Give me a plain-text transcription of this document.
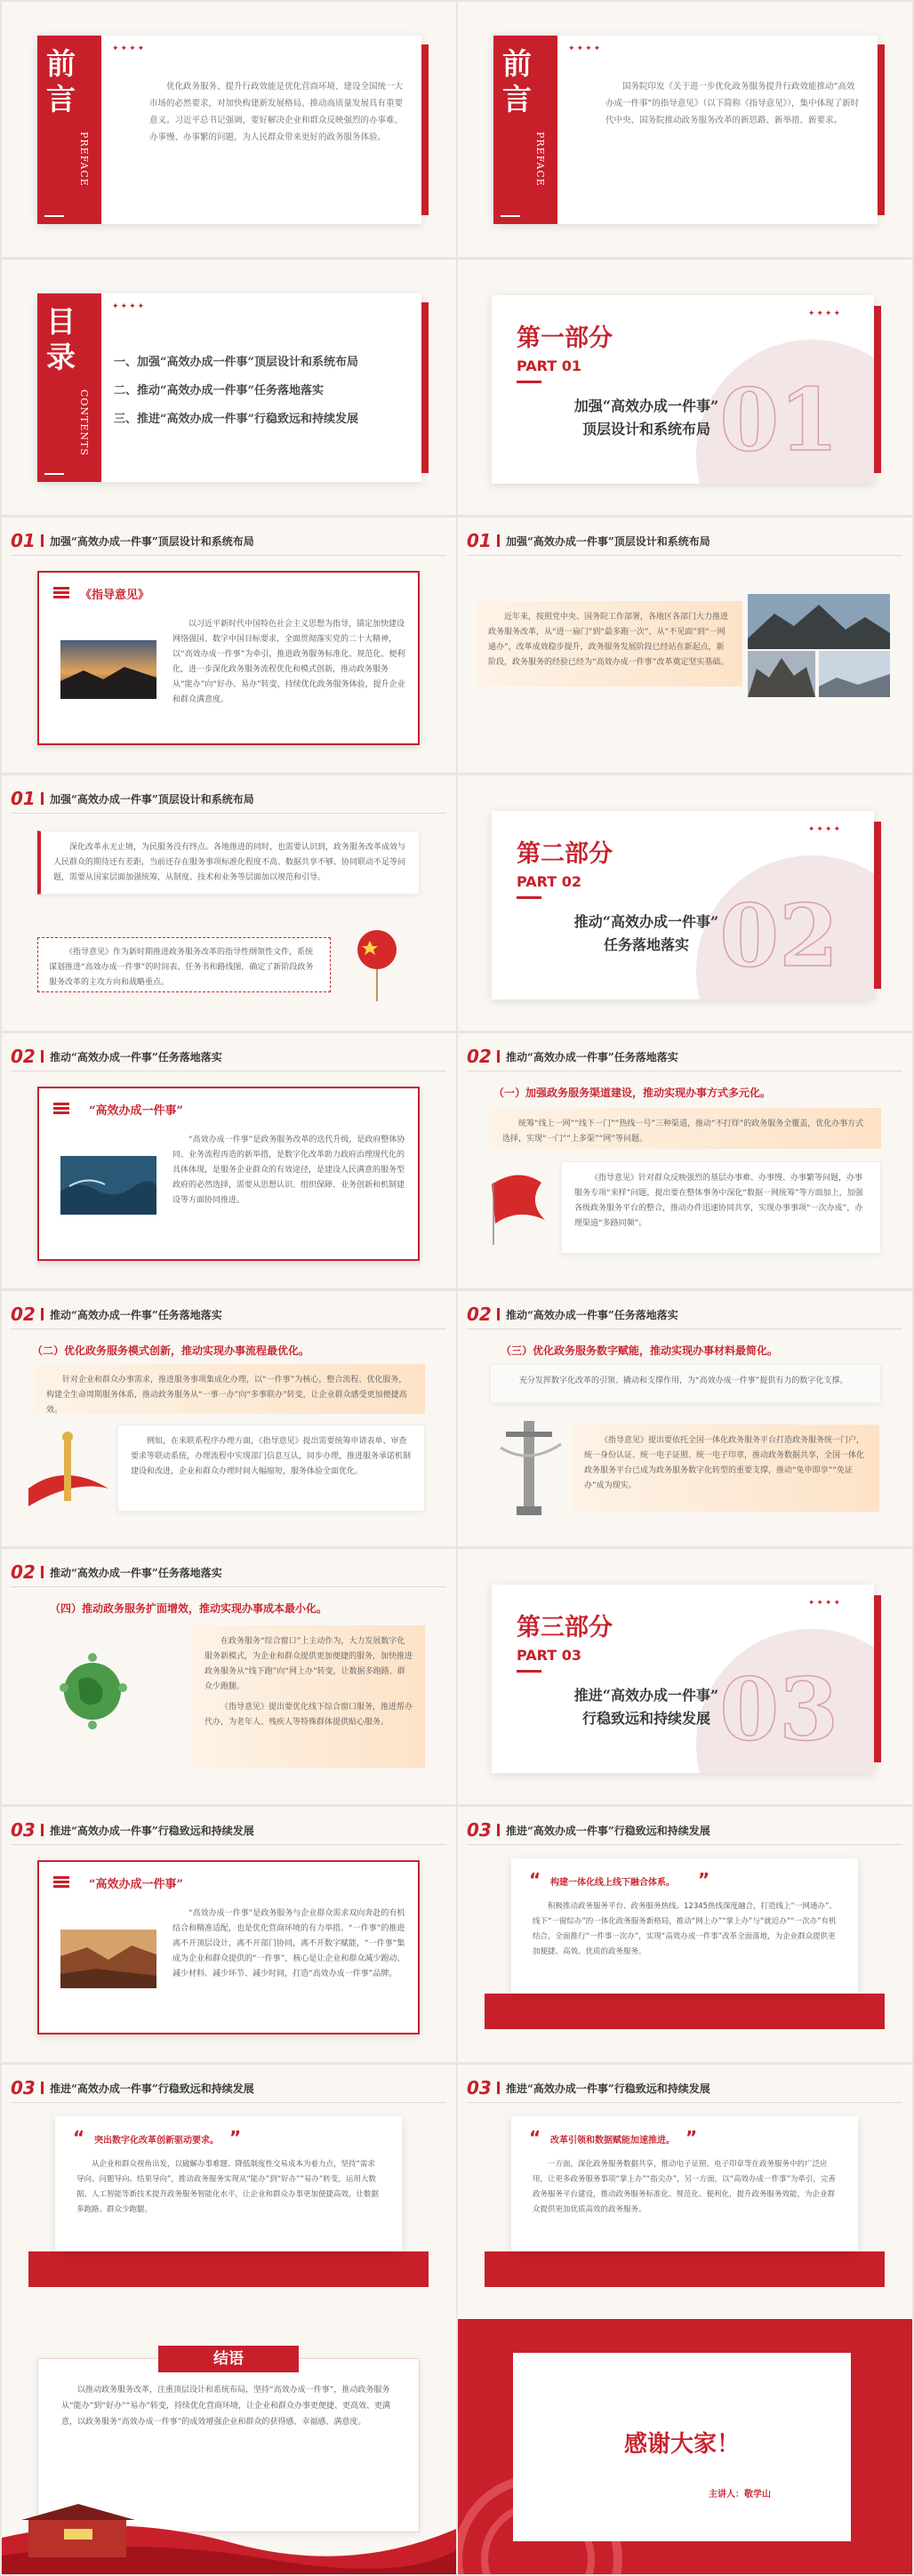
前言
PREFACE
✦✦✦✦
优化政务服务、提升行政效能是优化营商环境、建设全国统一大市场的必然要求，对加快构建新发展格局、推动高质量发展具有重要意义。习近平总书记强调，要好解决企业和群众反映强烈的办事难、办事慢、办事繁的问题，为人民群众带来更好的政务服务体验。
前言
PREFACE
✦✦✦✦
国务院印发《关于进一步优化政务服务提升行政效能推动“高效办成一件事”的指导意见》（以下简称《指导意见》），集中体现了新时代中央、国务院推动政务服务改革的新思路、新举措、新要求。
目录
CONTENTS
✦✦✦✦
一、加强“高效办成一件事”顶层设计和系统布局
二、推动“高效办成一件事”任务落地落实
三、推进“高效办成一件事”行稳致远和持续发展
✦✦✦✦
第一部分
PART 01
加强“高效办成一件事”
顶层设计和系统布局 01
01 加强“高效办成一件事”顶层设计和系统布局
《指导意见》
以习近平新时代中国特色社会主义思想为指导，锚定加快建设网络强国、数字中国目标要求，全面贯彻落实党的二十大精神，以“高效办成一件事”为牵引，推进政务服务标准化、规范化、便利化，进一步深化政务服务流程优化和模式创新，推动政务服务从“能办”向“好办、易办”转变，持续优化政务服务体验，提升企业和群众满意度。
01 加强“高效办成一件事”顶层设计和系统布局
近年来，按照党中央、国务院工作部署，各地区各部门大力推进政务服务改革，从“进一扇门”到“最多跑一次”，从“不见面”到“一网通办”，改革成效稳步提升，政务服务发展阶段已经站在新起点，新阶段，政务服务的经验已经为“高效办成一件事”改革奠定坚实基础。
01 加强“高效办成一件事”顶层设计和系统布局
深化改革永无止境，为民服务没有终点。各地推进的同时，也需要认识到，政务服务改革成效与人民群众的期待还有差距，当前还存在服务事项标准化程度不高、数据共享不够、协同联动不足等问题，需要从国家层面加强统筹，从制度、技术和业务等层面加以规范和引导。
《指导意见》作为新时期推进政务服务改革的指导性纲领性文件，系统谋划推进“高效办成一件事”的时间表、任务书和路线图，确定了新阶段政务服务改革的主攻方向和战略重点。
✦✦✦✦
第二部分
PART 02
推动“高效办成一件事”
任务落地落实 02
02 推动“高效办成一件事”任务落地落实
“高效办成一件事”
“高效办成一件事”是政务服务改革的迭代升级，是政府整体协同、业务流程再造的新举措，是数字化改革助力政府治理现代化的具体体现，是服务企业群众的有效途径，是建设人民满意的服务型政府的必然选择，需要从思想认识、组织保障、业务创新和机制建设等方面协同推进。
02 推动“高效办成一件事”任务落地落实
（一）加强政务服务渠道建设，推动实现办事方式多元化。
统筹“线上一网”“线下一门”“热线一号”三种渠道，推动“不打烊”的政务服务全覆盖，优化办事方式选择，实现“一门”“上多渠”“网”等问题。
《指导意见》针对群众反映强烈的基层办事难、办事慢、办事繁等问题，办事服务专项“来样”问题，提出要在整体事务中深化“数据一网统筹”等方面加上，加强各级政务服务平台的整合，推动办件迅速协同共享，实现办事事项“一次办成”，办理渠道“多路同频”。
02 推动“高效办成一件事”任务落地落实
（二）优化政务服务模式创新，推动实现办事流程最优化。
针对企业和群众办事需求，推进服务事项集成化办理，以“一件事”为核心，整合流程、优化服务，构建全生命周期服务体系，推动政务服务从“一事一办”向“多事联办”转变，让企业群众感受更加便捷高效。
例如，在来联系程序办理方面，《指导意见》提出需要统筹申请表单、审查要求等联动系统，办理流程中实现部门信息互认，同步办理，推进服务承诺机制建设和改进，企业和群众办理时间大幅缩短，服务体验全面优化。
02 推动“高效办成一件事”任务落地落实
（三）优化政务服务数字赋能，推动实现办事材料最简化。
充分发挥数字化改革的引领、撬动和支撑作用，为“高效办成一件事”提供有力的数字化支撑。
《指导意见》提出要依托全国一体化政务服务平台打造政务服务统一门户，统一身份认证、统一电子证照、统一电子印章，推动政务数据共享，全国一体化政务服务平台已成为政务服务数字化转型的重要支撑，推动“免申即享”“免证办”成为现实。
02 推动“高效办成一件事”任务落地落实
（四）推动政务服务扩面增效，推动实现办事成本最小化。
在政务服务“综合窗口”上主动作为，大力发展数字化服务新模式，为企业和群众提供更加便捷的服务，加快推进政务服务从“线下跑”向“网上办”转变，让数据多跑路、群众少跑腿。
《指导意见》提出要优化线下综合窗口服务，推进帮办代办，为老年人、残疾人等特殊群体提供贴心服务。
✦✦✦✦
第三部分
PART 03
推进“高效办成一件事”
行稳致远和持续发展 03
03 推进“高效办成一件事”行稳致远和持续发展
“高效办成一件事”
“高效办成一件事”是政务服务与企业群众需求双向奔赴的有机结合和精准适配，也是优化营商环境的有力举措。“一件事”的推进离不开顶层设计，离不开部门协同，离不开数字赋能，“一件事”集成为企业和群众提供的“一件事”，核心是让企业和群众减少跑动、减少材料、减少环节、减少时间，打造“高效办成一件事”品牌。
03 推进“高效办成一件事”行稳致远和持续发展
“ 构建一体化线上线下融合体系。 ”
积极推动政务服务平台、政务服务热线、12345热线深度融合，打造线上“一网通办”、线下“一窗综办”的一体化政务服务新格局，推动“网上办”“掌上办”与“就近办”“一次办”有机结合，全面推行“一件事一次办”，实现“高效办成一件事”改革全面落地，为企业群众提供更加便捷、高效、优质的政务服务。
03 推进“高效办成一件事”行稳致远和持续发展
“ 突出数字化改革创新驱动要求。 ”
从企业和群众视角出发，以破解办事难题、降低制度性交易成本为着力点，坚持“需求导向、问题导向、结果导向”，推动政务服务实现从“能办”到“好办”“易办”转变，运用大数据、人工智能等新技术提升政务服务智能化水平，让企业和群众办事更加便捷高效，让数据多跑路、群众少跑腿。
03 推进“高效办成一件事”行稳致远和持续发展
“ 改革引领和数据赋能加速推进。 ”
一方面，深化政务服务数据共享，推动电子证照、电子印章等在政务服务中的广泛应用，让更多政务服务事项“掌上办”“指尖办”，另一方面，以“高效办成一件事”为牵引，完善政务服务平台建设，推动政务服务标准化、规范化、便利化，提升政务服务效能，为企业群众提供更加优质高效的政务服务。
以推动政务服务改革，注重顶层设计和系统布局，坚持“高效办成一件事”，推动政务服务从“能办”到“好办”“易办”转变，持续优化营商环境，让企业和群众办事更便捷、更高效、更满意，以政务服务“高效办成一件事”的成效增强企业和群众的获得感、幸福感、满意度。
结语
感谢大家！
主讲人：敬学山
